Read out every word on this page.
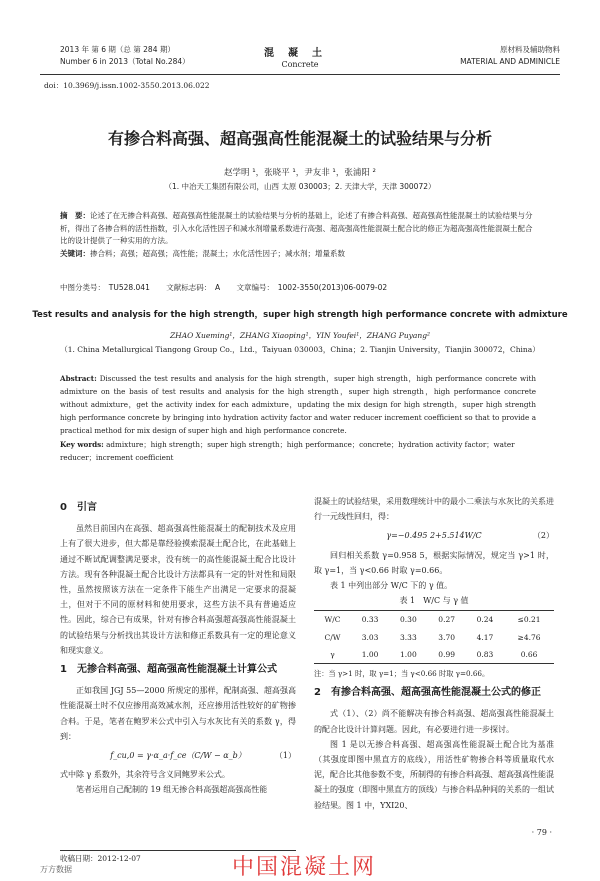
2013 年 第 6 期（总 第 284 期）
Number 6 in 2013（Total No.284）
混凝土
Concrete
原材料及辅助物料
MATERIAL AND ADMINICLE
doi：10.3969/j.issn.1002-3550.2013.06.022
有掺合料高强、超高强高性能混凝土的试验结果与分析
赵学明 ¹，张晓平 ¹，尹友非 ¹，张浦阳 ²
（1. 中冶天工集团有限公司，山西 太原 030003；2. 天津大学，天津 300072）
摘　要：论述了在无掺合料高强、超高强高性能混凝土的试验结果与分析的基础上，论述了有掺合料高强、超高强高性能混凝土的试验结果与分析，得出了各掺合料的活性指数，引入水化活性因子和减水剂增量系数进行高强、超高强高性能混凝土配合比的修正为超高强高性能混凝土配合比的设计提供了一种实用的方法。
关键词：掺合料；高强；超高强；高性能；混凝土；水化活性因子；减水剂；增量系数
中图分类号：　TU528.041 文献标志码：　A 文章编号：　1002-3550(2013)06-0079-02
Test results and analysis for the high strength，super high strength high performance concrete with admixture
ZHAO Xueming¹，ZHANG Xiaoping¹，YIN Youfei¹，ZHANG Puyang²
（1. China Metallurgical Tiangong Group Co.，Ltd.，Taiyuan 030003，China；2. Tianjin University，Tianjin 300072，China）
Abstract: Discussed the test results and analysis for the high strength，super high strength，high performance concrete with admixture on the basis of test results and analysis for the high strength，super high strength，high performance concrete without admixture，get the activity index for each admixture，updating the mix design for high strength，super high strength high performance concrete by bringing into hydration activity factor and water reducer increment coefficient so that to provide a practical method for mix design of super high and high performance concrete.
Key words: admixture；high strength；super high strength；high performance；concrete；hydration activity factor；water reducer；increment coefficient
0　引言

虽然目前国内在高强、超高强高性能混凝土的配制技术及应用上有了很大进步，但大都是靠经验摸索混凝土配合比，在此基础上通过不断试配调整满足要求，没有统一的高性能混凝土配合比设计方法。现有各种混凝土配合比设计方法都具有一定的针对性和局限性，虽然按照该方法在一定条件下能生产出满足一定要求的混凝土，但对于不同的原材料和使用要求，这些方法不具有普遍适应性。因此，综合已有成果，针对有掺合料高强超高强高性能混凝土的试验结果与分析找出其设计方法和修正系数具有一定的理论意义和现实意义。

1　无掺合料高强、超高强高性能混凝土计算公式

正如我国 JGJ 55—2000 所规定的那样，配制高强、超高强高性能混凝土时不仅应掺用高效减水剂，还应掺用活性较好的矿物掺合料。于是，笔者在鲍罗米公式中引入与水灰比有关的系数 γ，得到：

f_cu,0 = γ·α_a·f_ce（C/W − α_b）	（1）

式中除 γ 系数外，其余符号含义同鲍罗米公式。

笔者运用自己配制的 19 组无掺合料高强超高强高性能

混凝土的试验结果，采用数理统计中的最小二乘法与水灰比的关系进行一元线性回归，得：

γ=−0.495 2+5.514W/C	（2）

回归相关系数 γ=0.958 5，根据实际情况，规定当 γ>1 时，取 γ=1，当 γ<0.66 时取 γ=0.66。

表 1 中列出部分 W/C 下的 γ 值。

表 1　W/C 与 γ 值
W/C	0.33	0.30	0.27	0.24	≤0.21
C/W	3.03	3.33	3.70	4.17	≥4.76
γ	1.00	1.00	0.99	0.83	0.66
注：当 γ>1 时，取 γ=1；当 γ<0.66 时取 γ=0.66。
2　有掺合料高强、超高强高性能混凝土公式的修正

式（1）、（2）尚不能解决有掺合料高强、超高强高性能混凝土的配合比设计计算问题。因此，有必要进行进一步探讨。

图 1 是以无掺合料高强、超高强高性能混凝土配合比为基准（其强度即图中黑直方的底线），用活性矿物掺合料等质量取代水泥，配合比其他参数不变，所制得的有掺合料高强、超高强高性能混凝土的强度（即图中黑直方的顶线）与掺合料品种间的关系的一组试验结果。图 1 中，YXI20、

· 79 ·
收稿日期：2012-12-07	中国混凝土网
万方数据
